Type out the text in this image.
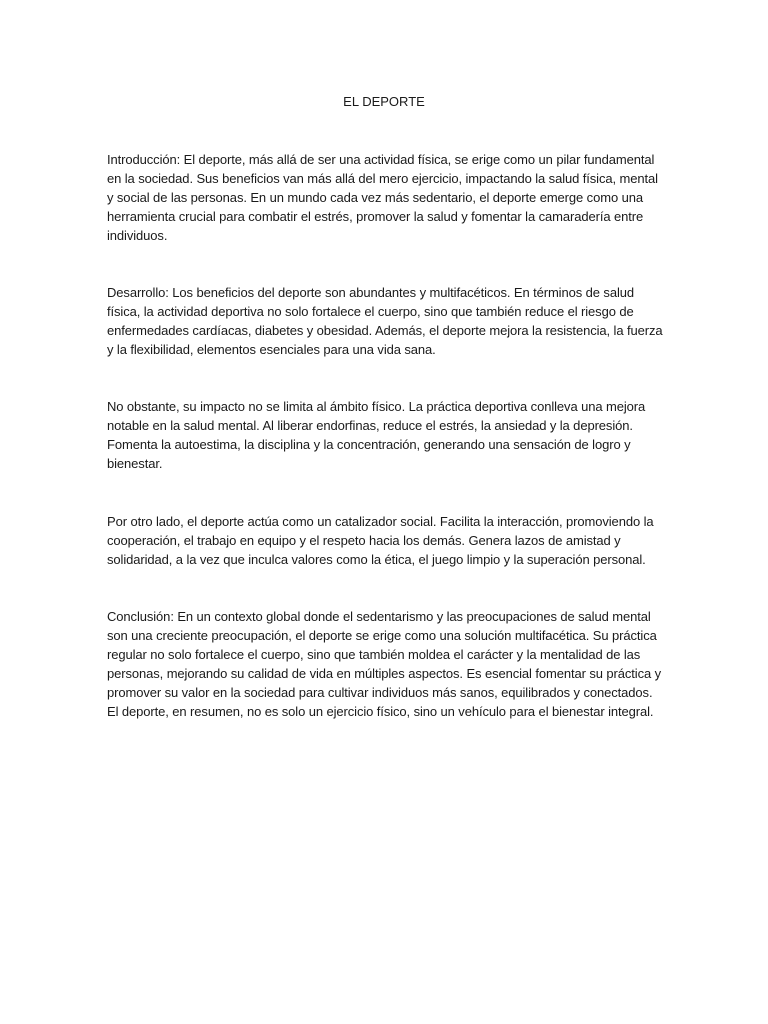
EL DEPORTE

Introducción: El deporte, más allá de ser una actividad física, se erige como un pilar fundamental en la sociedad. Sus beneficios van más allá del mero ejercicio, impactando la salud física, mental y social de las personas. En un mundo cada vez más sedentario, el deporte emerge como una herramienta crucial para combatir el estrés, promover la salud y fomentar la camaradería entre individuos.

Desarrollo: Los beneficios del deporte son abundantes y multifacéticos. En términos de salud física, la actividad deportiva no solo fortalece el cuerpo, sino que también reduce el riesgo de enfermedades cardíacas, diabetes y obesidad. Además, el deporte mejora la resistencia, la fuerza y la flexibilidad, elementos esenciales para una vida sana.

No obstante, su impacto no se limita al ámbito físico. La práctica deportiva conlleva una mejora notable en la salud mental. Al liberar endorfinas, reduce el estrés, la ansiedad y la depresión. Fomenta la autoestima, la disciplina y la concentración, generando una sensación de logro y bienestar.

Por otro lado, el deporte actúa como un catalizador social. Facilita la interacción, promoviendo la cooperación, el trabajo en equipo y el respeto hacia los demás. Genera lazos de amistad y solidaridad, a la vez que inculca valores como la ética, el juego limpio y la superación personal.

Conclusión: En un contexto global donde el sedentarismo y las preocupaciones de salud mental son una creciente preocupación, el deporte se erige como una solución multifacética. Su práctica regular no solo fortalece el cuerpo, sino que también moldea el carácter y la mentalidad de las personas, mejorando su calidad de vida en múltiples aspectos. Es esencial fomentar su práctica y promover su valor en la sociedad para cultivar individuos más sanos, equilibrados y conectados. El deporte, en resumen, no es solo un ejercicio físico, sino un vehículo para el bienestar integral.
